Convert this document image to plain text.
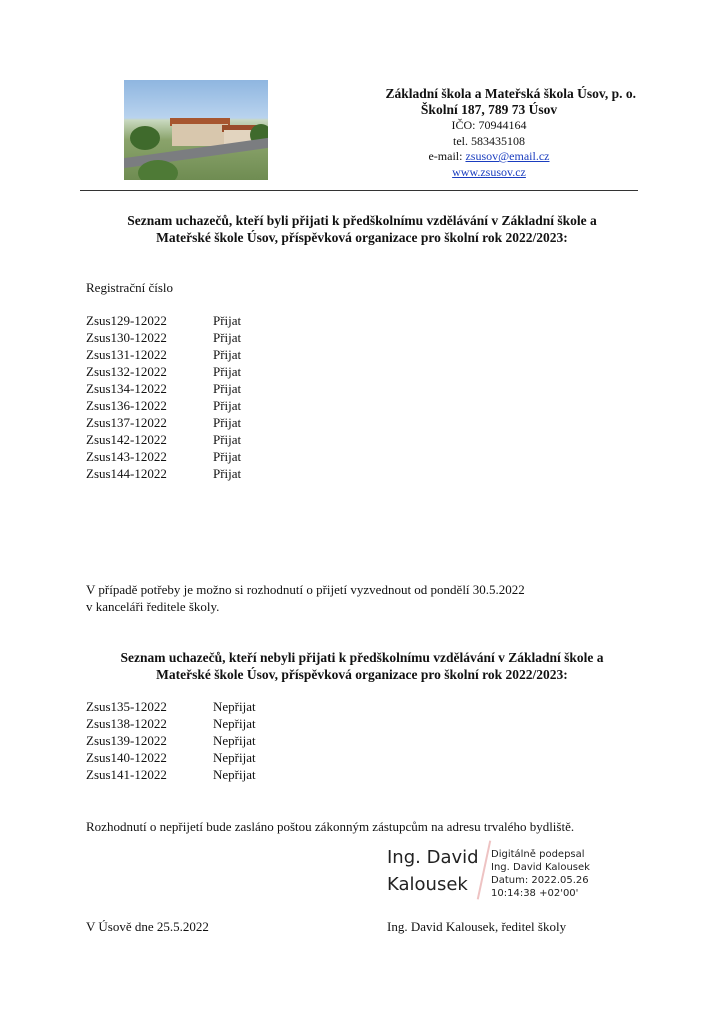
Základní škola a Mateřská škola Úsov, p. o.
Školní 187, 789 73 Úsov
IČO: 70944164
tel. 583435108
e-mail: zsusov@email.cz
www.zsusov.cz
Seznam uchazečů, kteří byli přijati k předškolnímu vzdělávání v Základní škole a
Mateřské škole Úsov, příspěvková organizace pro školní rok 2022/2023:
Registrační číslo
Zsus129-12022	Přijat
Zsus130-12022	Přijat
Zsus131-12022	Přijat
Zsus132-12022	Přijat
Zsus134-12022	Přijat
Zsus136-12022	Přijat
Zsus137-12022	Přijat
Zsus142-12022	Přijat
Zsus143-12022	Přijat
Zsus144-12022	Přijat
V případě potřeby je možno si rozhodnutí o přijetí vyzvednout od pondělí 30.5.2022
v kanceláři ředitele školy.
Seznam uchazečů, kteří nebyli přijati k předškolnímu vzdělávání v Základní škole a
Mateřské škole Úsov, příspěvková organizace pro školní rok 2022/2023:
Zsus135-12022	Nepřijat
Zsus138-12022	Nepřijat
Zsus139-12022	Nepřijat
Zsus140-12022	Nepřijat
Zsus141-12022	Nepřijat
Rozhodnutí o nepřijetí bude zasláno poštou zákonným zástupcům na adresu trvalého bydliště.
Ing. David
Kalousek
Digitálně podepsal
Ing. David Kalousek
Datum: 2022.05.26
10:14:38 +02'00'
V Úsově dne 25.5.2022	Ing. David Kalousek, ředitel školy
